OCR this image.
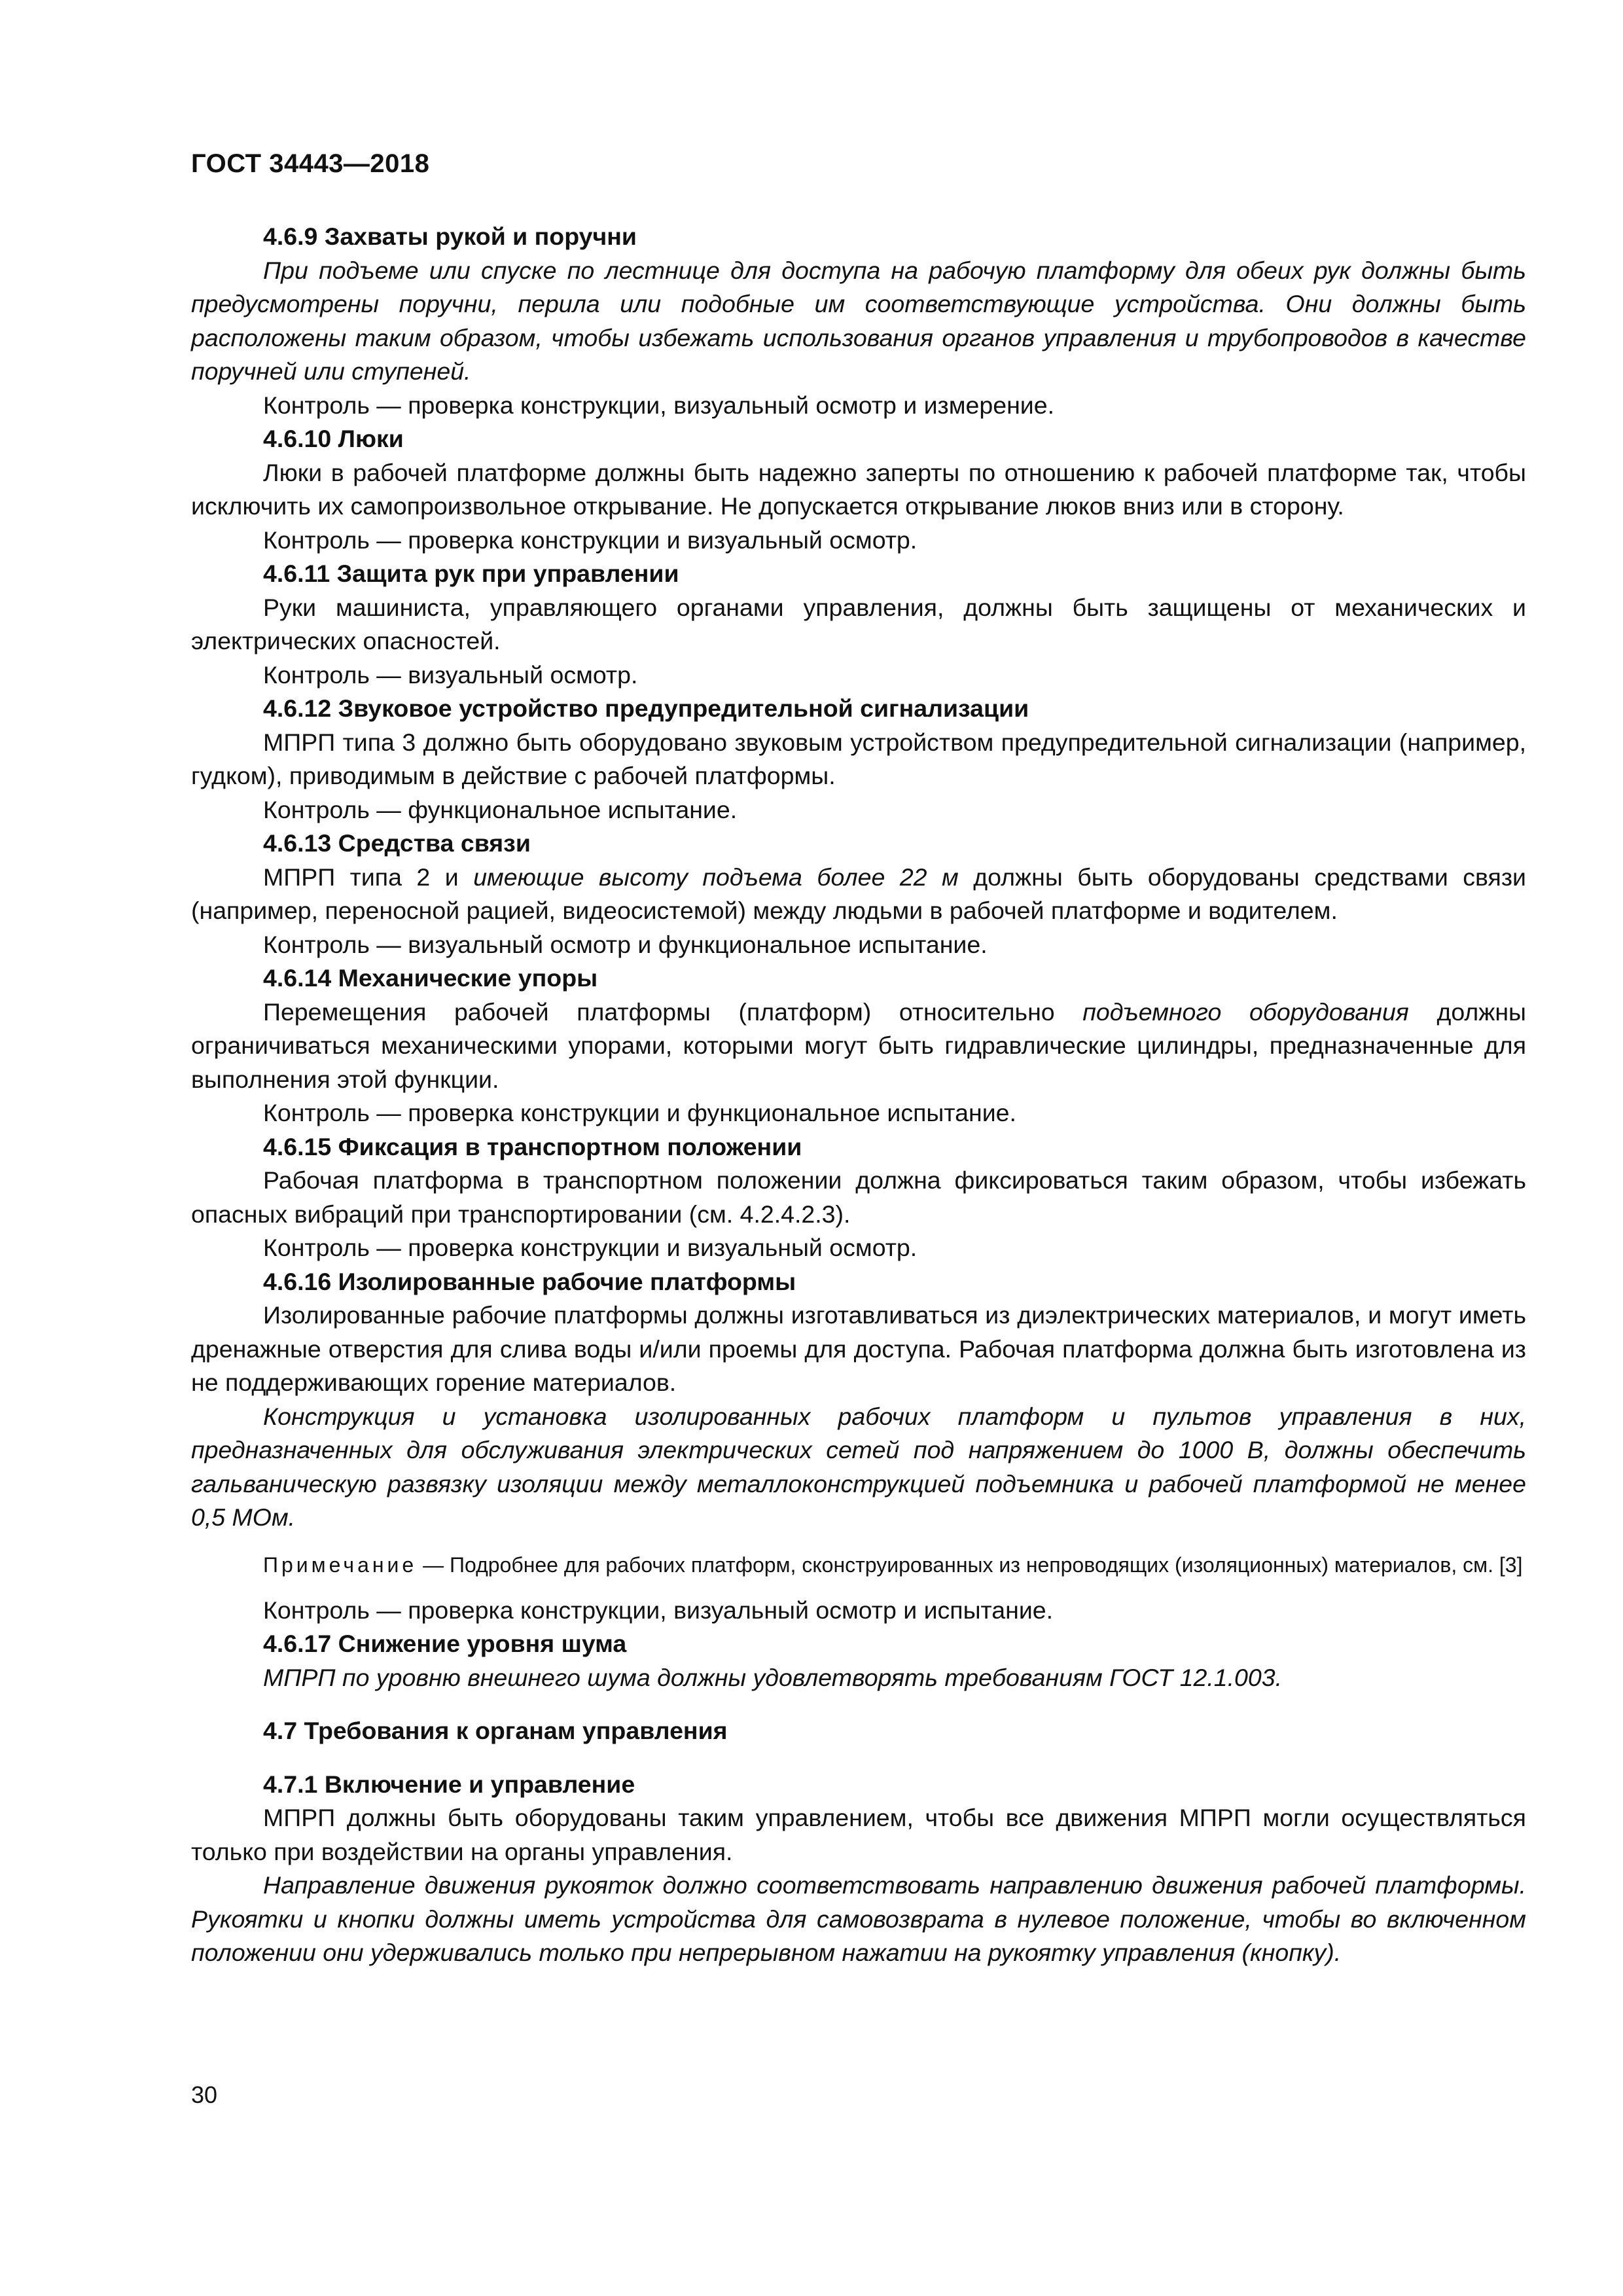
ГОСТ 34443—2018
4.6.9 Захваты рукой и поручни

При подъеме или спуске по лестнице для доступа на рабочую платформу для обеих рук должны быть предусмотрены поручни, перила или подобные им соответствующие устройства. Они должны быть расположены таким образом, чтобы избежать использования органов управления и трубопроводов в качестве поручней или ступеней.

Контроль — проверка конструкции, визуальный осмотр и измерение.

4.6.10 Люки

Люки в рабочей платформе должны быть надежно заперты по отношению к рабочей платформе так, чтобы исключить их самопроизвольное открывание. Не допускается открывание люков вниз или в сторону.

Контроль — проверка конструкции и визуальный осмотр.

4.6.11 Защита рук при управлении

Руки машиниста, управляющего органами управления, должны быть защищены от механических и электрических опасностей.

Контроль — визуальный осмотр.

4.6.12 Звуковое устройство предупредительной сигнализации

МПРП типа 3 должно быть оборудовано звуковым устройством предупредительной сигнализации (например, гудком), приводимым в действие с рабочей платформы.

Контроль — функциональное испытание.

4.6.13 Средства связи

МПРП типа 2 и имеющие высоту подъема более 22 м должны быть оборудованы средствами связи (например, переносной рацией, видеосистемой) между людьми в рабочей платформе и водителем.

Контроль — визуальный осмотр и функциональное испытание.

4.6.14 Механические упоры

Перемещения рабочей платформы (платформ) относительно подъемного оборудования должны ограничиваться механическими упорами, которыми могут быть гидравлические цилиндры, предназначенные для выполнения этой функции.

Контроль — проверка конструкции и функциональное испытание.

4.6.15 Фиксация в транспортном положении

Рабочая платформа в транспортном положении должна фиксироваться таким образом, чтобы избежать опасных вибраций при транспортировании (см. 4.2.4.2.3).

Контроль — проверка конструкции и визуальный осмотр.

4.6.16 Изолированные рабочие платформы

Изолированные рабочие платформы должны изготавливаться из диэлектрических материалов, и могут иметь дренажные отверстия для слива воды и/или проемы для доступа. Рабочая платформа должна быть изготовлена из не поддерживающих горение материалов.

Конструкция и установка изолированных рабочих платформ и пультов управления в них, предназначенных для обслуживания электрических сетей под напряжением до 1000 В, должны обеспечить гальваническую развязку изоляции между металлоконструкцией подъемника и рабочей платформой не менее 0,5 МОм.

Примечание — Подробнее для рабочих платформ, сконструированных из непроводящих (изоляционных) материалов, см. [3]

Контроль — проверка конструкции, визуальный осмотр и испытание.

4.6.17 Снижение уровня шума

МПРП по уровню внешнего шума должны удовлетворять требованиям ГОСТ 12.1.003.

4.7 Требования к органам управления
4.7.1 Включение и управление

МПРП должны быть оборудованы таким управлением, чтобы все движения МПРП могли осуществляться только при воздействии на органы управления.

Направление движения рукояток должно соответствовать направлению движения рабочей платформы. Рукоятки и кнопки должны иметь устройства для самовозврата в нулевое положение, чтобы во включенном положении они удерживались только при непрерывном нажатии на рукоятку управления (кнопку).

30
